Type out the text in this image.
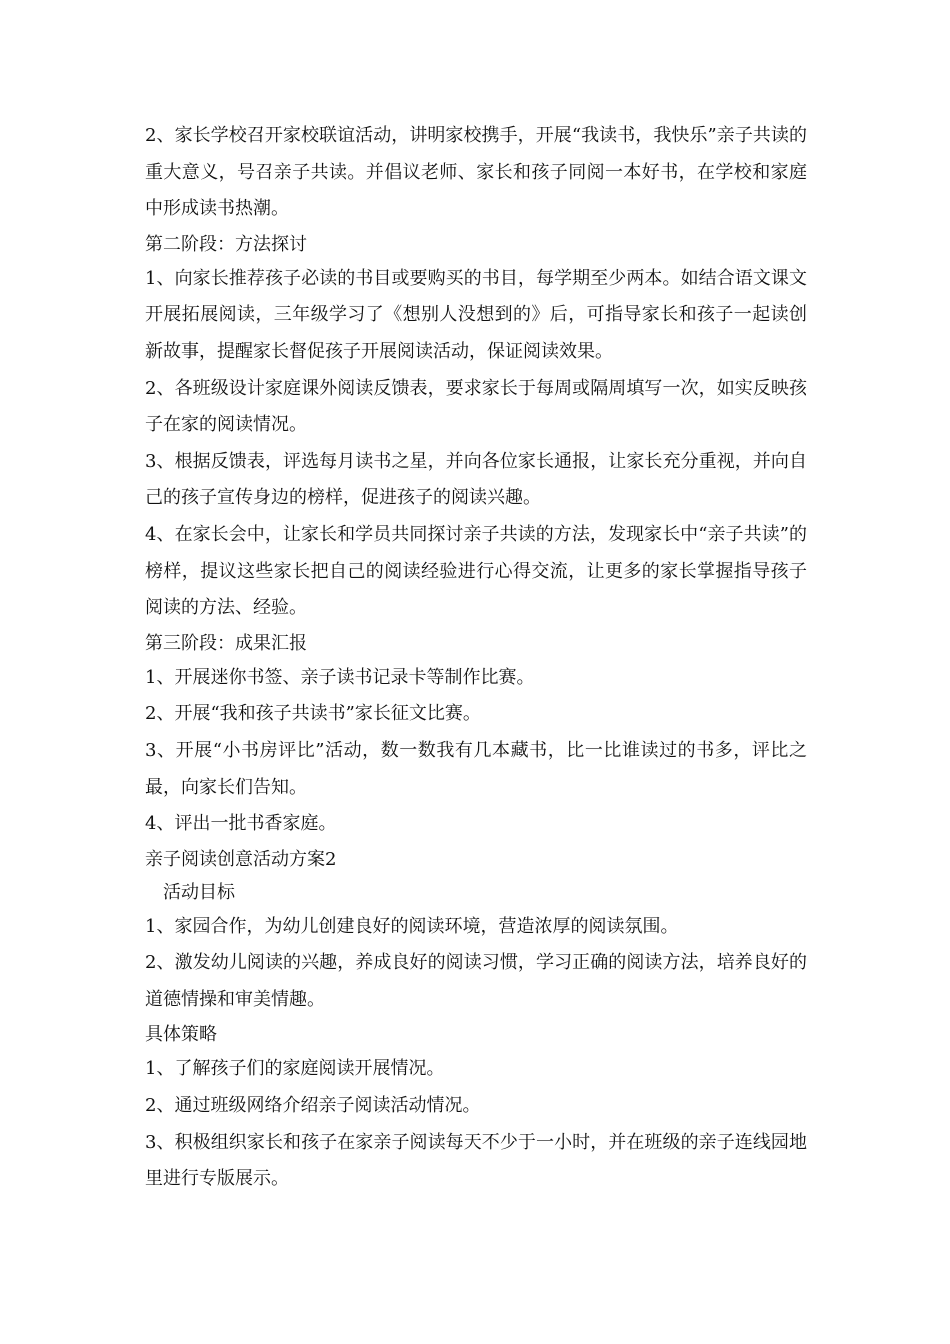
2、家长学校召开家校联谊活动，讲明家校携手，开展“我读书，我快乐”亲子共读的重大意义，号召亲子共读。并倡议老师、家长和孩子同阅一本好书，在学校和家庭中形成读书热潮。

第二阶段：方法探讨

1、向家长推荐孩子必读的书目或要购买的书目，每学期至少两本。如结合语文课文开展拓展阅读，三年级学习了《想别人没想到的》后，可指导家长和孩子一起读创新故事，提醒家长督促孩子开展阅读活动，保证阅读效果。

2、各班级设计家庭课外阅读反馈表，要求家长于每周或隔周填写一次，如实反映孩子在家的阅读情况。

3、根据反馈表，评选每月读书之星，并向各位家长通报，让家长充分重视，并向自己的孩子宣传身边的榜样，促进孩子的阅读兴趣。

4、在家长会中，让家长和学员共同探讨亲子共读的方法，发现家长中“亲子共读”的榜样，提议这些家长把自己的阅读经验进行心得交流，让更多的家长掌握指导孩子阅读的方法、经验。

第三阶段：成果汇报

1、开展迷你书签、亲子读书记录卡等制作比赛。

2、开展“我和孩子共读书”家长征文比赛。

3、开展“小书房评比”活动，数一数我有几本藏书，比一比谁读过的书多，评比之最，向家长们告知。

4、评出一批书香家庭。

亲子阅读创意活动方案2

活动目标

1、家园合作，为幼儿创建良好的阅读环境，营造浓厚的阅读氛围。

2、激发幼儿阅读的兴趣，养成良好的阅读习惯，学习正确的阅读方法，培养良好的道德情操和审美情趣。

具体策略

1、了解孩子们的家庭阅读开展情况。

2、通过班级网络介绍亲子阅读活动情况。

3、积极组织家长和孩子在家亲子阅读每天不少于一小时，并在班级的亲子连线园地里进行专版展示。
